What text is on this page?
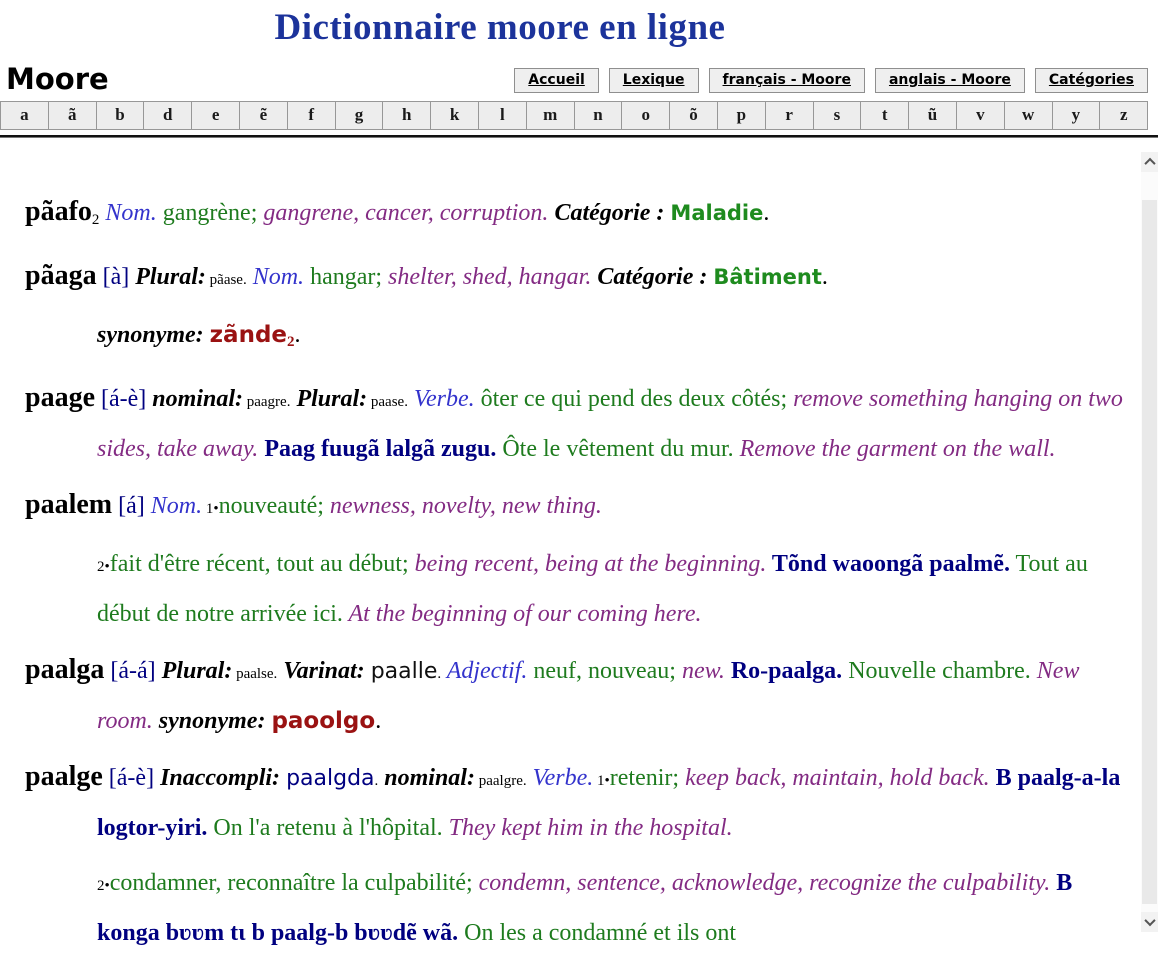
Dictionnaire moore en ligne
Moore	Accueil	Lexique	français - Moore	anglais - Moore	Catégories
a	ã	b	d	e	ẽ	f	g	h	k	l	m	n	o	õ	p	r	s	t	ũ	v	w	y	z

pãafo2 Nom. gangrène; gangrene, cancer, corruption. Catégorie : Maladie.

pãaga [à] Plural: pãase. Nom. hangar; shelter, shed, hangar. Catégorie : Bâtiment.

synonyme: zãnde2.

paage [á-è] nominal: paagre. Plural: paase. Verbe. ôter ce qui pend des deux côtés; remove something hanging on two sides, take away. Paag fuugã lalgã zugu. Ôte le vêtement du mur. Remove the garment on the wall.

paalem [á] Nom. 1•nouveauté; newness, novelty, new thing.

2•fait d'être récent, tout au début; being recent, being at the beginning. Tõnd waoongã paalmẽ. Tout au début de notre arrivée ici. At the beginning of our coming here.

paalga [á-á] Plural: paalse. Varinat: paalle. Adjectif. neuf, nouveau; new. Ro-paalga. Nouvelle chambre. New room. synonyme: paoolgo.

paalge [á-è] Inaccompli: paalgda. nominal: paalgre. Verbe. 1•retenir; keep back, maintain, hold back. B paalg-a-la logtor-yiri. On l'a retenu à l'hôpital. They kept him in the hospital.

2•condamner, reconnaître la culpabilité; condemn, sentence, acknowledge, recognize the culpability. B konga bʋʋm tɩ b paalg-b bʋʋdẽ wã. On les a condamné et ils ont
